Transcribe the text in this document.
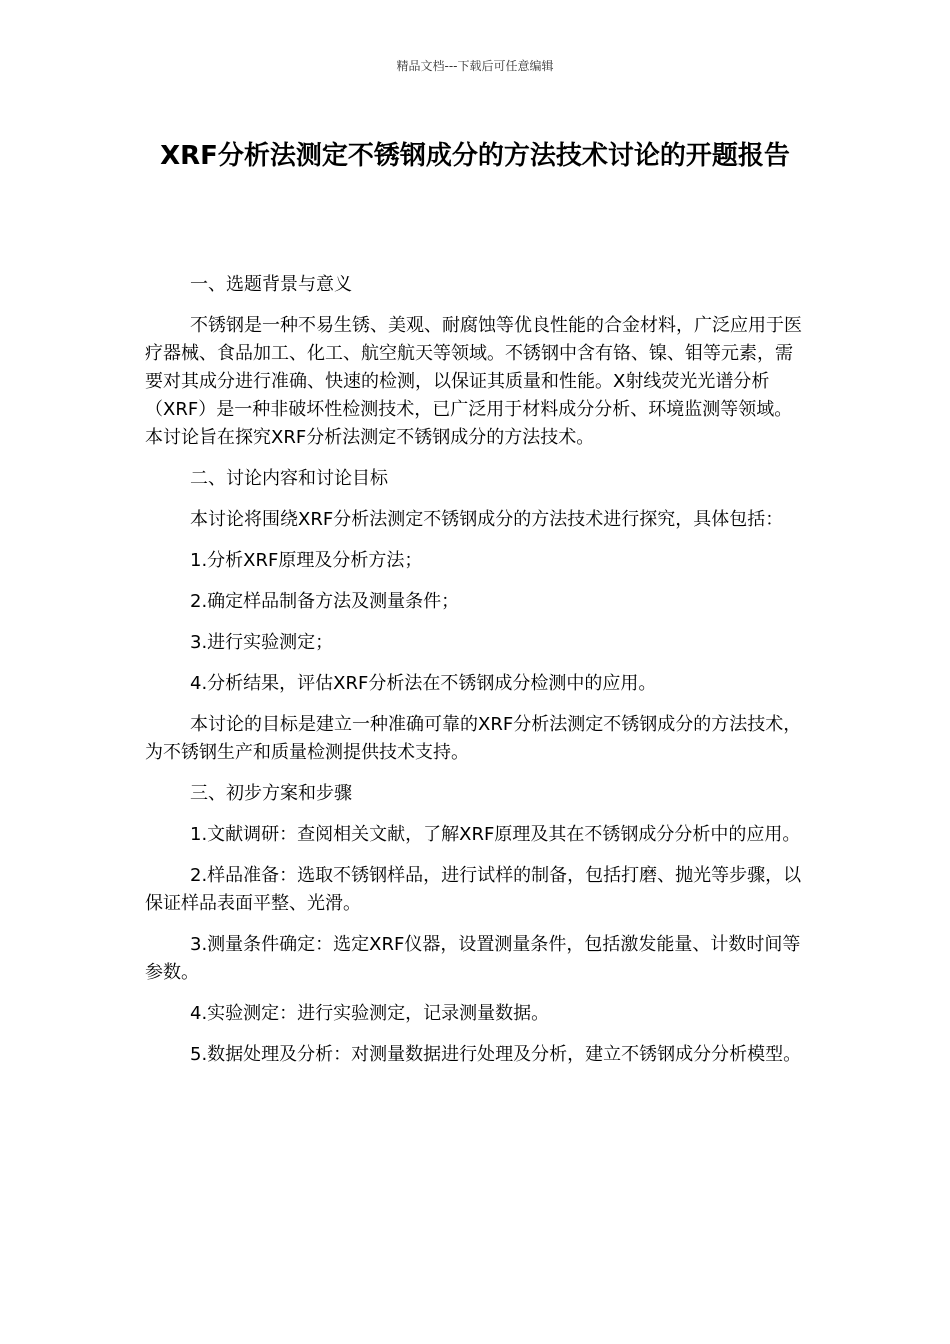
精品文档---下载后可任意编辑
XRF分析法测定不锈钢成分的方法技术讨论的开题报告

一、选题背景与意义

不锈钢是一种不易生锈、美观、耐腐蚀等优良性能的合金材料，广泛应用于医疗器械、食品加工、化工、航空航天等领域。不锈钢中含有铬、镍、钼等元素，需要对其成分进行准确、快速的检测，以保证其质量和性能。X射线荧光光谱分析（XRF）是一种非破坏性检测技术，已广泛用于材料成分分析、环境监测等领域。本讨论旨在探究XRF分析法测定不锈钢成分的方法技术。

二、讨论内容和讨论目标

本讨论将围绕XRF分析法测定不锈钢成分的方法技术进行探究，具体包括：

1.分析XRF原理及分析方法；

2.确定样品制备方法及测量条件；

3.进行实验测定；

4.分析结果，评估XRF分析法在不锈钢成分检测中的应用。

本讨论的目标是建立一种准确可靠的XRF分析法测定不锈钢成分的方法技术，为不锈钢生产和质量检测提供技术支持。

三、初步方案和步骤

1.文献调研：查阅相关文献，了解XRF原理及其在不锈钢成分分析中的应用。

2.样品准备：选取不锈钢样品，进行试样的制备，包括打磨、抛光等步骤，以保证样品表面平整、光滑。

3.测量条件确定：选定XRF仪器，设置测量条件，包括激发能量、计数时间等参数。

4.实验测定：进行实验测定，记录测量数据。

5.数据处理及分析：对测量数据进行处理及分析，建立不锈钢成分分析模型。
